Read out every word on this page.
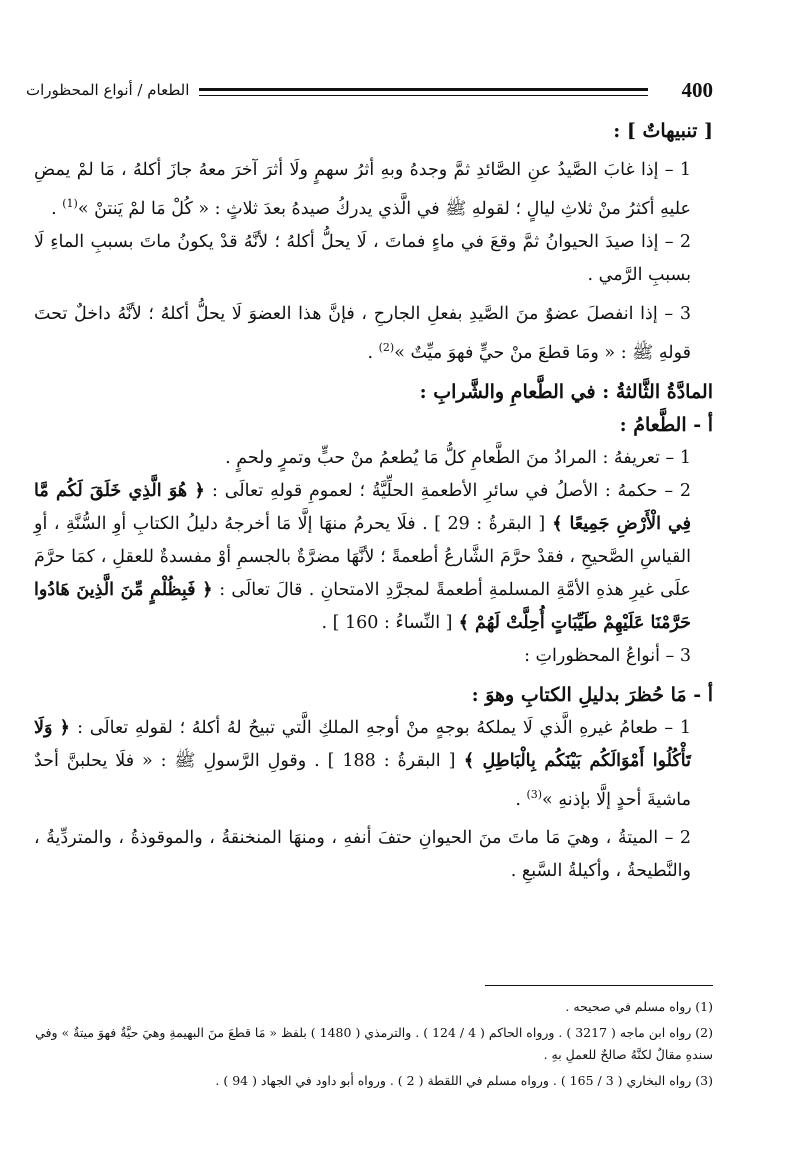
الطعام / أنواع المحظورات	400

[ تنبيهاتٌ ] :

1 – إذا غابَ الصَّيدُ عنِ الصَّائدِ ثمَّ وجدهُ وبهِ أثرُ سهمٍ ولَا أثرَ آخرَ معهُ جازَ أكلهُ ، مَا لمْ يمضِ عليهِ أكثرُ منْ ثلاثِ ليالٍ ؛ لقولهِ ﷺ في الَّذي يدركُ صيدهُ بعدَ ثلاثٍ : « كُلْ مَا لمْ يَنتنْ »$^{(1)}$ .

2 – إذا صيدَ الحيوانُ ثمَّ وقعَ في ماءٍ فماتَ ، لَا يحلُّ أكلهُ ؛ لأنَّهُ قدْ يكونُ ماتَ بسببِ الماءِ لَا بسببِ الرَّمي .

3 – إذا انفصلَ عضوٌ منَ الصَّيدِ بفعلِ الجارحِ ، فإنَّ هذا العضوَ لَا يحلُّ أكلهُ ؛ لأنَّهُ داخلٌ تحتَ قولهِ ﷺ : « ومَا قطعَ منْ حيٍّ فهوَ ميِّتٌ »$^{(2)}$ .

المادَّةُ الثَّالثةُ : في الطَّعامِ والشَّرابِ :

أ - الطَّعامُ :

1 – تعريفهُ : المرادُ منَ الطَّعامِ كلُّ مَا يُطعمُ منْ حبٍّ وتمرٍ ولحمٍ .

2 – حكمهُ : الأصلُ في سائرِ الأطعمةِ الحلِّيَّةُ ؛ لعمومِ قولهِ تعالَى : ﴿ هُوَ الَّذِي خَلَقَ لَكُم مَّا فِي الْأَرْضِ جَمِيعًا ﴾ [ البقرةُ : 29 ] . فلَا يحرمُ منهَا إلَّا مَا أخرجهُ دليلُ الكتابِ أوِ السُّنَّةِ ، أوِ القياسِ الصَّحيحِ ، فقدْ حرَّمَ الشَّارعُ أطعمةً ؛ لأنَّهَا مضرَّةٌ بالجسمِ أوْ مفسدةٌ للعقلِ ، كمَا حرَّمَ علَى غيرِ هذهِ الأمَّةِ المسلمةِ أطعمةً لمجرَّدِ الامتحانِ . قالَ تعالَى : ﴿ فَبِظُلْمٍ مِّنَ الَّذِينَ هَادُوا حَرَّمْنَا عَلَيْهِمْ طَيِّبَاتٍ أُحِلَّتْ لَهُمْ ﴾ [ النِّساءُ : 160 ] .

3 – أنواعُ المحظوراتِ :

أ - مَا حُظرَ بدليلِ الكتابِ وهوَ :

1 – طعامُ غيرهِ الَّذي لَا يملكهُ بوجهٍ منْ أوجهِ الملكِ الَّتي تبيحُ لهُ أكلهُ ؛ لقولهِ تعالَى : ﴿ وَلَا تَأْكُلُوا أَمْوَالَكُم بَيْنَكُم بِالْبَاطِلِ ﴾ [ البقرةُ : 188 ] . وقولِ الرَّسولِ ﷺ : « فلَا يحلبنَّ أحدٌ ماشيةَ أحدٍ إلَّا بإذنهِ »$^{(3)}$ .

2 – الميتةُ ، وهيَ مَا ماتَ منَ الحيوانِ حتفَ أنفهِ ، ومنهَا المنخنقةُ ، والموقوذةُ ، والمتردِّيةُ ، والنَّطيحةُ ، وأكيلةُ السَّبعِ .

(1) رواه مسلم في صحيحه .

(2) رواه ابن ماجه ( 3217 ) . ورواه الحاكم ( 4 / 124 ) . والترمذي ( 1480 ) بلفظ « مَا قطعَ منَ البهيمةِ وهيَ حيَّةٌ فهوَ ميتةٌ » وفي سندهِ مقالٌ لكنَّهُ صالحٌ للعملِ بهِ .

(3) رواه البخاري ( 3 / 165 ) . ورواه مسلم في اللقطة ( 2 ) . ورواه أبو داود في الجهاد ( 94 ) .
